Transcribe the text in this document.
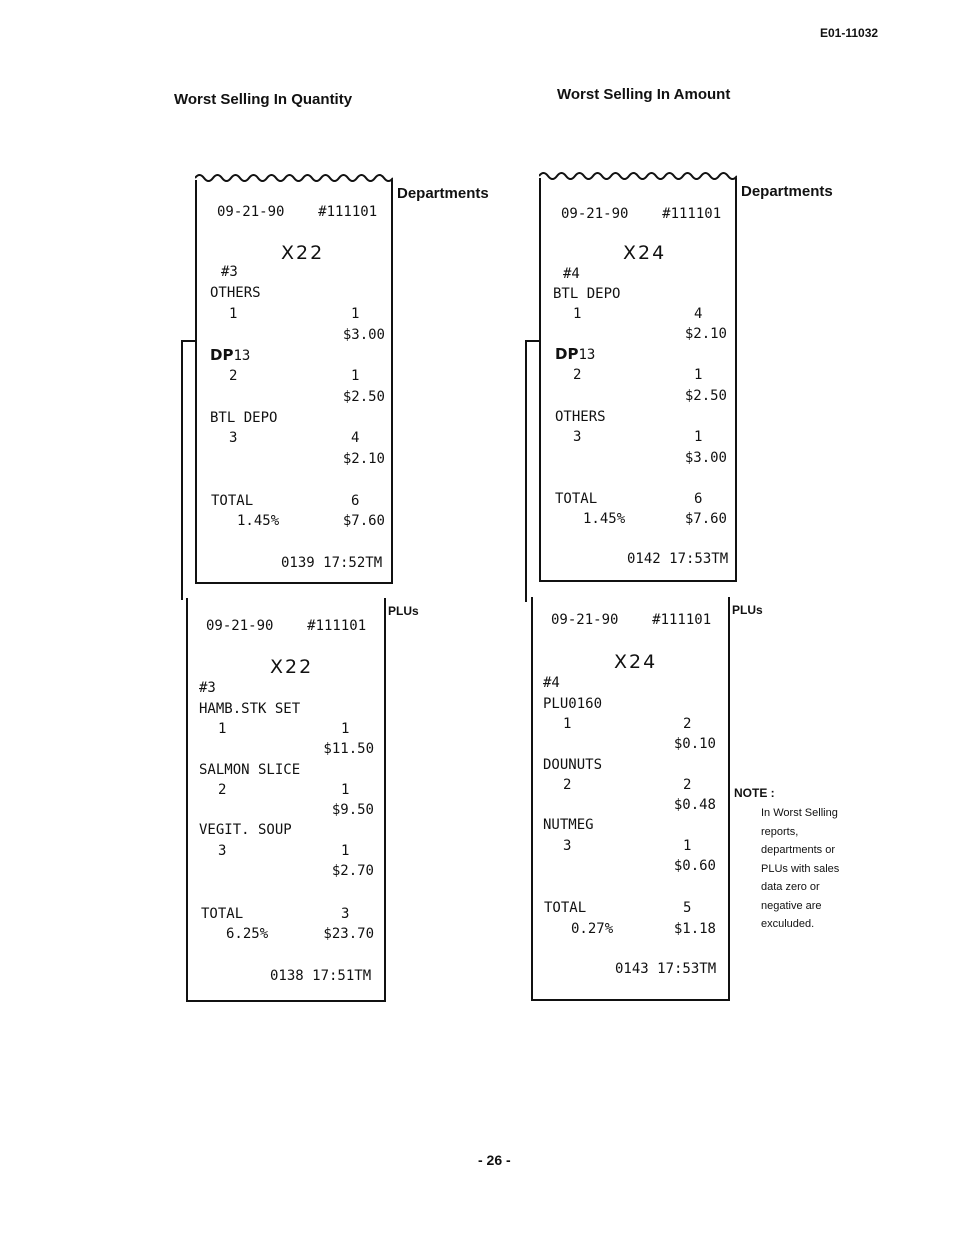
E01-11032
Worst Selling In Quantity	Worst Selling In Amount
09-21-90    #111101
X22
#3
OTHERS
1	1
$3.00
DP13
2	1
$2.50
BTL DEPO
3	4
$2.10
TOTAL	6
1.45%	$7.60
0139 17:52TM
Departments
09-21-90    #111101
X22
#3
HAMB.STK SET
1	1
$11.50
SALMON SLICE
2	1
$9.50
VEGIT. SOUP
3	1
$2.70
TOTAL	3
6.25%	$23.70
0138 17:51TM
PLUs
09-21-90    #111101
X24
#4
BTL DEPO
1	4
$2.10
DP13
2	1
$2.50
OTHERS
3	1
$3.00
TOTAL	6
1.45%	$7.60
0142 17:53TM
Departments
09-21-90    #111101
X24
#4
PLU0160
1	2
$0.10
DOUNUTS
2	2
$0.48
NUTMEG
3	1
$0.60
TOTAL	5
0.27%	$1.18
0143 17:53TM
PLUs
NOTE :
In Worst Selling
reports,
departments or
PLUs with sales
data zero or
negative are
exculuded.
- 26 -
